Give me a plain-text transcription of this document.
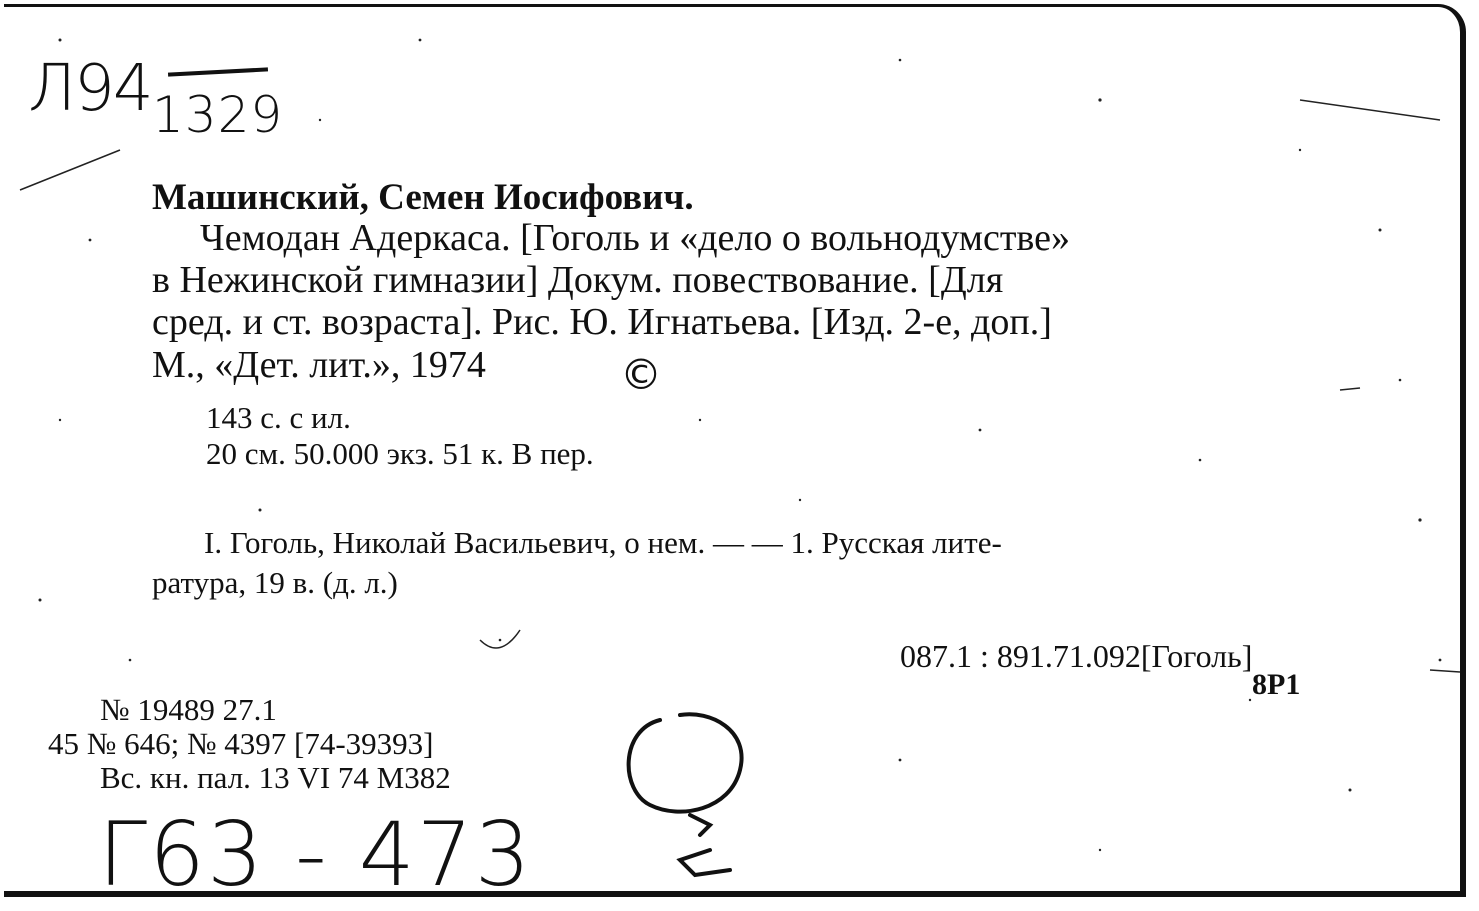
Л94 1329
Машинский, Семен Иосифович.
Чемодан Адеркаса. [Гоголь и «дело о вольнодумстве»
в Нежинской гимназии] Докум. повествование. [Для
сред. и ст. возраста]. Рис. Ю. Игнатьева. [Изд. 2-е, доп.]
М., «Дет. лит.», 1974	©
143 с. с ил.
20 см. 50.000 экз. 51 к. В пер.
I. Гоголь, Николай Васильевич, о нем. — — 1. Русская лите-
ратура, 19 в. (д. л.)
087.1 : 891.71.092[Гоголь]
8P1
№ 19489 27.1
45 № 646; № 4397 [74-39393]
Вс. кн. пал. 13 VI 74 М382
Г63 - 473
